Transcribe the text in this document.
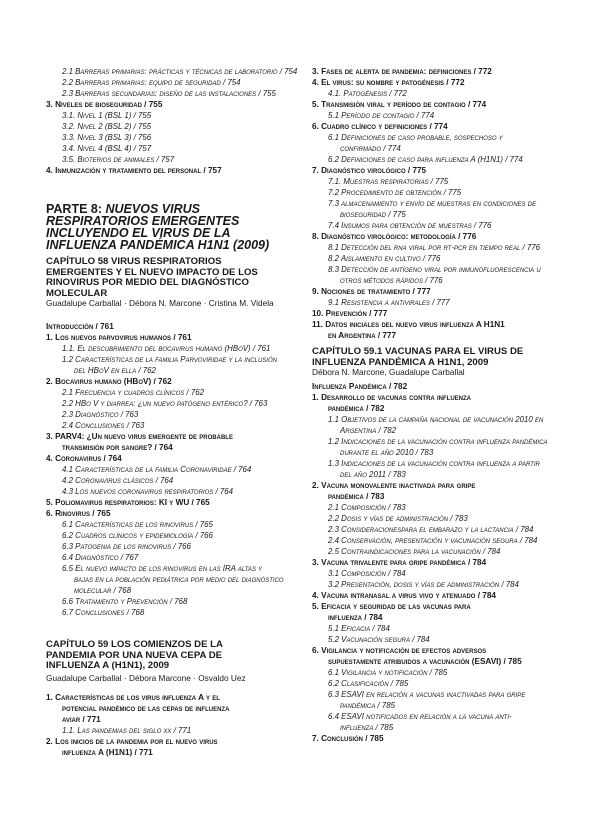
2.1 Barreras primarias: prácticas y técnicas de laboratorio / 754
2.2 Barreras primarias: equipo de seguridad / 754
2.3 Barreras secundarias: diseño de las instalaciones / 755
3. Niveles de bioseguridad / 755
3.1. Nivel 1 (BSL 1) / 755
3.2. Nivel 2 (BSL 2) / 755
3.3. Nivel 3 (BSL 3) / 756
3.4. Nivel 4 (BSL 4) / 757
3.5. Bioterios de animales / 757
4. Inmunización y tratamiento del personal / 757
PARTE 8: NUEVOS VIRUS
RESPIRATORIOS EMERGENTES
INCLUYENDO EL VIRUS DE LA
INFLUENZA PANDÉMICA H1N1 (2009)
CAPÍTULO 58 VIRUS RESPIRATORIOS
EMERGENTES Y EL NUEVO IMPACTO DE LOS
RINOVIRUS POR MEDIO DEL DIAGNÓSTICO
MOLECULAR
Guadalupe Carballal · Débora N. Marcone · Cristina M. Videla
Introducción / 761
1. Los nuevos parvovirus humanos / 761
1.1. El descubrimiento del bocavirus humano (HBoV) / 761
1.2 Características de la familia Parvoviridae y la inclusión
del HBoV en ella / 762
2. Bocavirus humano (HBoV) / 762
2.1 Frecuencia y cuadros clínicos / 762
2.2 HBo V y diarrea: ¿un nuevo patógeno entérico? / 763
2.3 Diagnóstico / 763
2.4 Conclusiones / 763
3. PARV4: ¿Un nuevo virus emergente de probable
transmisión por sangre? / 764
4. Coronavirus / 764
4.1 Características de la familia Coronaviridae / 764
4.2 Coronavirus clásicos / 764
4.3 Los nuevos coronavirus respiratorios / 764
5. Poliomavirus respiratorios: KI y WU / 765
6. Rinovirus / 765
6.1 Características de los rinovirus / 765
6.2 Cuadros clínicos y epidemiología / 766
6.3 Patogenia de los rinovirus / 766
6.4 Diagnóstico / 767
6.5 El nuevo impacto de los rinovirus en las IRA altas y
bajas en la población pediátrica por medio del diagnóstico
molecular / 768
6.6 Tratamiento y Prevención / 768
6.7 Conclusiones / 768
CAPÍTULO 59 LOS COMIENZOS DE LA
PANDEMIA POR UNA NUEVA CEPA DE
INFLUENZA A (H1N1), 2009
Guadalupe Carballal · Débora Marcone · Osvaldo Uez
1. Características de los virus influenza A y el
potencial pandémico de las cepas de influenza
aviar / 771
1.1. Las pandemias del siglo xx / 771
2. Los inicios de la pandemia por el nuevo virus
influenza A (H1N1) / 771
3. Fases de alerta de pandemia: definiciones / 772
4. El virus: su nombre y patogénesis / 772
4.1. Patogénesis / 772
5. Transmisión viral y período de contagio / 774
5.1 Período de contagio / 774
6. Cuadro clínico y definiciones / 774
6.1 Definiciones de caso probable, sospechoso y
confirmado / 774
6.2 Definiciones de caso para influenza A (H1N1) / 774
7. Diagnóstico virológico / 775
7.1. Muestras respiratorias / 775
7.2 Procedimiento de obtención / 775
7.3 almacenamiento y envío de muestras en condiciones de
bioseguridad / 775
7.4 Insumos para obtención de muestras / 776
8. Diagnóstico virológico: metodología / 776
8.1 Detección del rna viral por rt-pcr en tiempo real / 776
8.2 Aislamiento en cultivo / 776
8.3 Detección de antígeno viral por inmunofluorescencia u
otros métodos rápidos / 776
9. Nociones de tratamiento / 777
9.1 Resistencia a antivirales / 777
10. Prevención / 777
11. Datos iniciales del nuevo virus influenza A H1N1
en Argentina / 777
CAPÍTULO 59.1 VACUNAS PARA EL VIRUS DE
INFLUENZA PANDÉMICA A H1N1, 2009
Débora N. Marcone, Guadalupe Carballal
Influenza Pandémica / 782
1. Desarrollo de vacunas contra influenza
pandémica / 782
1.1 Objetivos de la campaña nacional de vacunación 2010 en
Argentina / 782
1.2 Indicaciones de la vacunación contra influenza pandémica
durante el año 2010 / 783
1.3 Indicaciones de la vacunación contra influenza a partir
del año 2011 / 783
2. Vacuna monovalente inactivada para gripe
pandémica / 783
2.1 Composición / 783
2.2 Dosis y vías de administración / 783
2.3 Consideracionespara el embarazo y la lactancia / 784
2.4 Conservación, presentación y vacunación segura / 784
2.5 Contraindicaciones para la vacunación / 784
3. Vacuna trivalente para gripe pandémica / 784
3.1 Composición / 784
3.2 Presentación, dosis y vías de administración / 784
4. Vacuna intranasal a virus vivo y atenuado / 784
5. Eficacia y seguridad de las vacunas para
influenza / 784
5.1 Eficacia / 784
5.2 Vacunación segura / 784
6. Vigilancia y notificación de efectos adversos
supuestamente atribuidos a vacunación (ESAVI) / 785
6.1 Vigilancia y notificación / 785
6.2 Clasificación / 785
6.3 ESAVI en relación a vacunas inactivadas para gripe
pandémica / 785
6.4 ESAVI notificados en relación a la vacuna anti-
influenza / 785
7. Conclusión / 785
